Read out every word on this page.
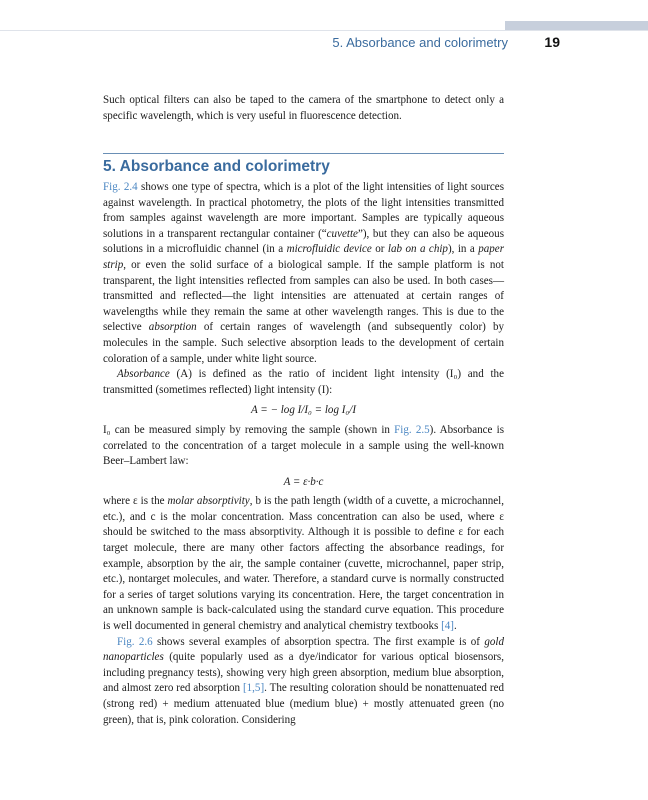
5. Absorbance and colorimetry	19

Such optical filters can also be taped to the camera of the smartphone to detect only a specific wavelength, which is very useful in fluorescence detection.

5. Absorbance and colorimetry

Fig. 2.4 shows one type of spectra, which is a plot of the light intensities of light sources against wavelength. In practical photometry, the plots of the light intensities transmitted from samples against wavelength are more important. Samples are typically aqueous solutions in a transparent rectangular container (“cuvette”), but they can also be aqueous solutions in a microfluidic channel (in a microfluidic device or lab on a chip), in a paper strip, or even the solid surface of a biological sample. If the sample platform is not transparent, the light intensities reflected from samples can also be used. In both cases—transmitted and reflected—the light intensities are attenuated at certain ranges of wavelengths while they remain the same at other wavelength ranges. This is due to the selective absorption of certain ranges of wavelength (and subsequently color) by molecules in the sample. Such selective absorption leads to the development of certain coloration of a sample, under white light source.

Absorbance (A) is defined as the ratio of incident light intensity (I₀) and the transmitted (sometimes reflected) light intensity (I):

A = − log I/I₀ = log I₀/I

I₀ can be measured simply by removing the sample (shown in Fig. 2.5). Absorbance is correlated to the concentration of a target molecule in a sample using the well-known Beer–Lambert law:

A = ε·b·c

where ε is the molar absorptivity, b is the path length (width of a cuvette, a microchannel, etc.), and c is the molar concentration. Mass concentration can also be used, where ε should be switched to the mass absorptivity. Although it is possible to define ε for each target molecule, there are many other factors affecting the absorbance readings, for example, absorption by the air, the sample container (cuvette, microchannel, paper strip, etc.), nontarget molecules, and water. Therefore, a standard curve is normally constructed for a series of target solutions varying its concentration. Here, the target concentration in an unknown sample is back-calculated using the standard curve equation. This procedure is well documented in general chemistry and analytical chemistry textbooks [4].

Fig. 2.6 shows several examples of absorption spectra. The first example is of gold nanoparticles (quite popularly used as a dye/indicator for various optical biosensors, including pregnancy tests), showing very high green absorption, medium blue absorption, and almost zero red absorption [1,5]. The resulting coloration should be nonattenuated red (strong red) + medium attenuated blue (medium blue) + mostly attenuated green (no green), that is, pink coloration. Considering
